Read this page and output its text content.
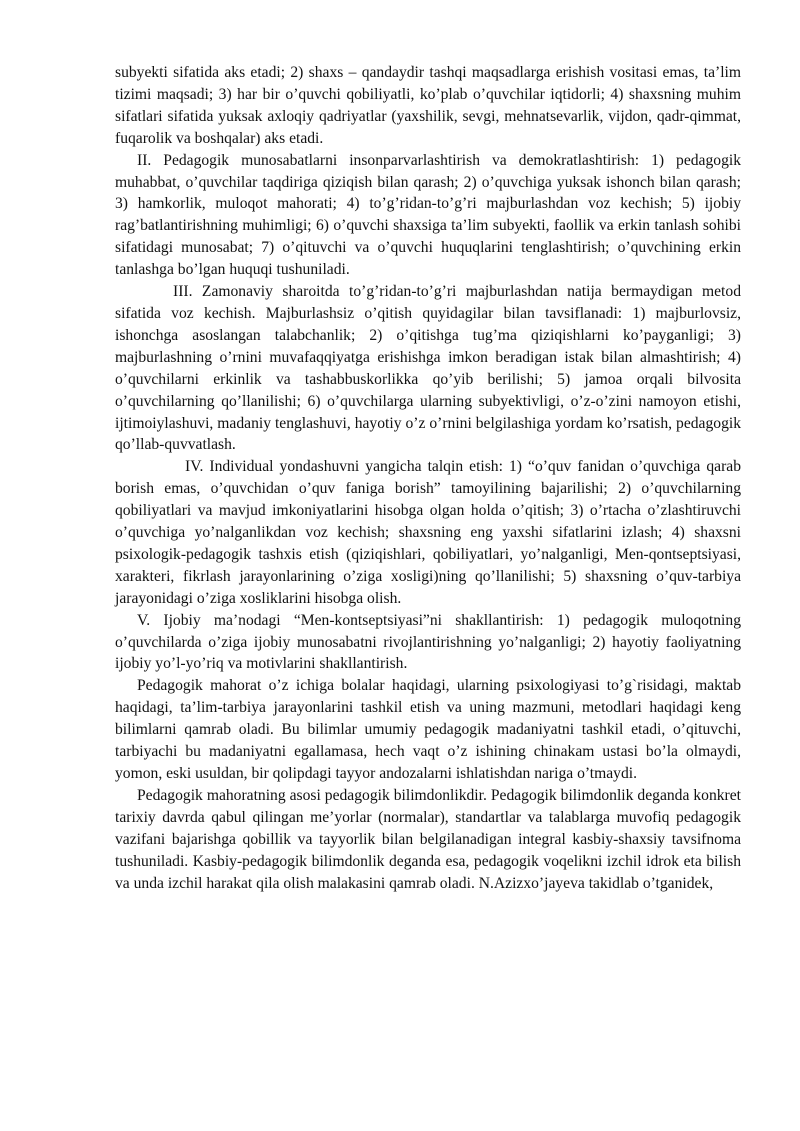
subyekti sifatida aks etadi; 2) shaxs – qandaydir tashqi maqsadlarga erishish vositasi emas, ta’lim tizimi maqsadi; 3) har bir o’quvchi qobiliyatli, ko’plab o’quvchilar iqtidorli; 4) shaxsning muhim sifatlari sifatida yuksak axloqiy qadriyatlar (yaxshilik, sevgi, mehnatsevarlik, vijdon, qadr-qimmat, fuqarolik va boshqalar) aks etadi.

II. Pedagogik munosabatlarni insonparvarlashtirish va demokratlashtirish: 1) pedagogik muhabbat, o’quvchilar taqdiriga qiziqish bilan qarash; 2) o’quvchiga yuksak ishonch bilan qarash; 3) hamkorlik, muloqot mahorati; 4) to’g’ridan-to’g’ri majburlashdan voz kechish; 5) ijobiy rag’batlantirishning muhimligi; 6) o’quvchi shaxsiga ta’lim subyekti, faollik va erkin tanlash sohibi sifatidagi munosabat; 7) o’qituvchi va o’quvchi huquqlarini tenglashtirish; o’quvchining erkin tanlashga bo’lgan huquqi tushuniladi.

III. Zamonaviy sharoitda to’g’ridan-to’g’ri majburlashdan natija bermaydigan metod sifatida voz kechish. Majburlashsiz o’qitish quyidagilar bilan tavsiflanadi: 1) majburlovsiz, ishonchga asoslangan talabchanlik; 2) o’qitishga tug’ma qiziqishlarni ko’payganligi; 3) majburlashning o’rnini muvafaqqiyatga erishishga imkon beradigan istak bilan almashtirish; 4) o’quvchilarni erkinlik va tashabbuskorlikka qo’yib berilishi; 5) jamoa orqali bilvosita o’quvchilarning qo’llanilishi; 6) o’quvchilarga ularning subyektivligi, o’z-o’zini namoyon etishi, ijtimoiylashuvi, madaniy tenglashuvi, hayotiy o’z o’rnini belgilashiga yordam ko’rsatish, pedagogik qo’llab-quvvatlash.

IV. Individual yondashuvni yangicha talqin etish: 1) “o’quv fanidan o’quvchiga qarab borish emas, o’quvchidan o’quv faniga borish” tamoyilining bajarilishi; 2) o’quvchilarning qobiliyatlari va mavjud imkoniyatlarini hisobga olgan holda o’qitish; 3) o’rtacha o’zlashtiruvchi o’quvchiga yo’nalganlikdan voz kechish; shaxsning eng yaxshi sifatlarini izlash; 4) shaxsni psixologik-pedagogik tashxis etish (qiziqishlari, qobiliyatlari, yo’nalganligi, Men-qontseptsiyasi, xarakteri, fikrlash jarayonlarining o’ziga xosligi)ning qo’llanilishi; 5) shaxsning o’quv-tarbiya jarayonidagi o’ziga xosliklarini hisobga olish.

V. Ijobiy ma’nodagi “Men-kontseptsiyasi”ni shakllantirish: 1) pedagogik muloqotning o’quvchilarda o’ziga ijobiy munosabatni rivojlantirishning yo’nalganligi; 2) hayotiy faoliyatning ijobiy yo’l-yo’riq va motivlarini shakllantirish.

Pedagogik mahorat o’z ichiga bolalar haqidagi, ularning psixologiyasi to’g`risidagi, maktab haqidagi, ta’lim-tarbiya jarayonlarini tashkil etish va uning mazmuni, metodlari haqidagi keng bilimlarni qamrab oladi. Bu bilimlar umumiy pedagogik madaniyatni tashkil etadi, o’qituvchi, tarbiyachi bu madaniyatni egallamasa, hech vaqt o’z ishining chinakam ustasi bo’la olmaydi, yomon, eski usuldan, bir qolipdagi tayyor andozalarni ishlatishdan nariga o’tmaydi.

Pedagogik mahoratning asosi pedagogik bilimdonlikdir. Pedagogik bilimdonlik deganda konkret tarixiy davrda qabul qilingan me’yorlar (normalar), standartlar va talablarga muvofiq pedagogik vazifani bajarishga qobillik va tayyorlik bilan belgilanadigan integral kasbiy-shaxsiy tavsifnoma tushuniladi. Kasbiy-pedagogik bilimdonlik deganda esa, pedagogik voqelikni izchil idrok eta bilish va unda izchil harakat qila olish malakasini qamrab oladi. N.Azizxo’jayeva takidlab o’tganidek,
